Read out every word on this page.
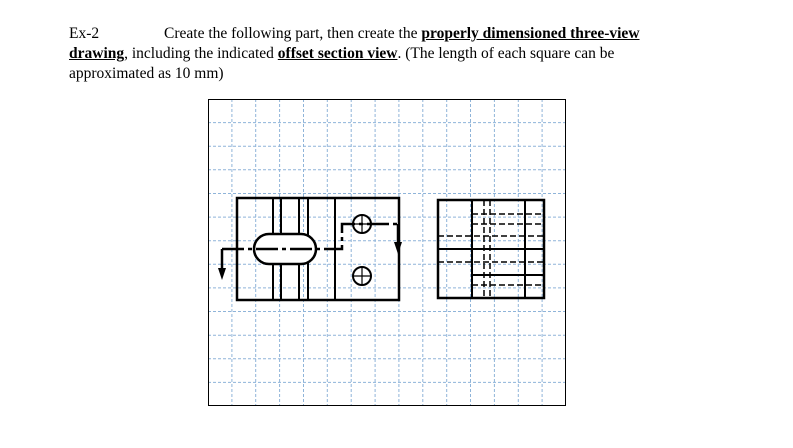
Ex-2	Create the following part, then create the properly dimensioned three-view
drawing, including the indicated offset section view. (The length of each square can be
approximated as 10 mm)
